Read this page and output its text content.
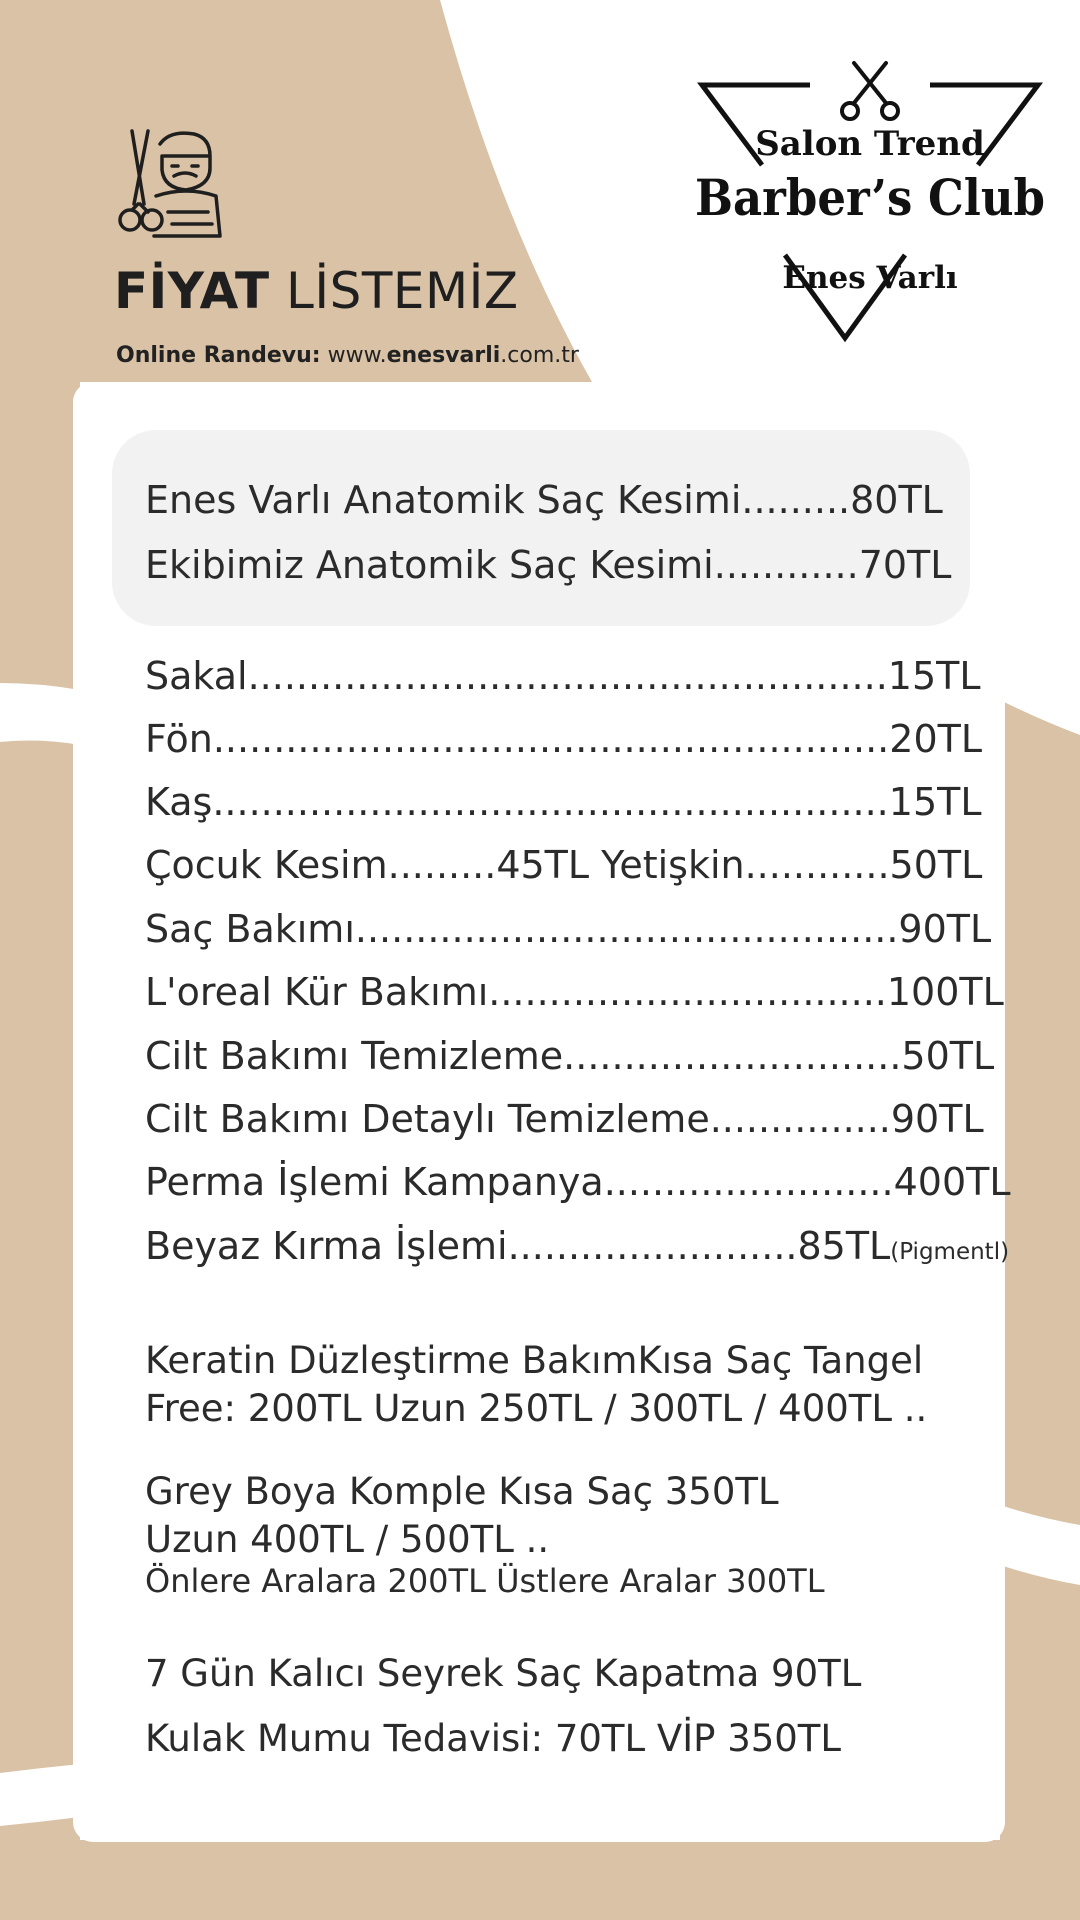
FİYAT LİSTEMİZ
Online Randevu: www.enesvarli.com.tr
Salon Trend
Barber’s Club
Enes Varlı
Enes Varlı Anatomik Saç Kesimi.........80TL
Ekibimiz Anatomik Saç Kesimi............70TL
Sakal.....................................................15TL
Fön........................................................20TL
Kaş........................................................15TL
Çocuk Kesim.........45TL Yetişkin............50TL
Saç Bakımı.............................................90TL
L'oreal Kür Bakımı.................................100TL
Cilt Bakımı Temizleme............................50TL
Cilt Bakımı Detaylı Temizleme...............90TL
Perma İşlemi Kampanya........................400TL
Beyaz Kırma İşlemi........................85TL(Pigmentl)
Keratin Düzleştirme BakımKısa Saç Tangel
Free: 200TL Uzun 250TL / 300TL / 400TL ..
Grey Boya Komple Kısa Saç 350TL
Uzun 400TL / 500TL ..
Önlere Aralara 200TL Üstlere Aralar 300TL
7 Gün Kalıcı Seyrek Saç Kapatma 90TL
Kulak Mumu Tedavisi: 70TL VİP 350TL
